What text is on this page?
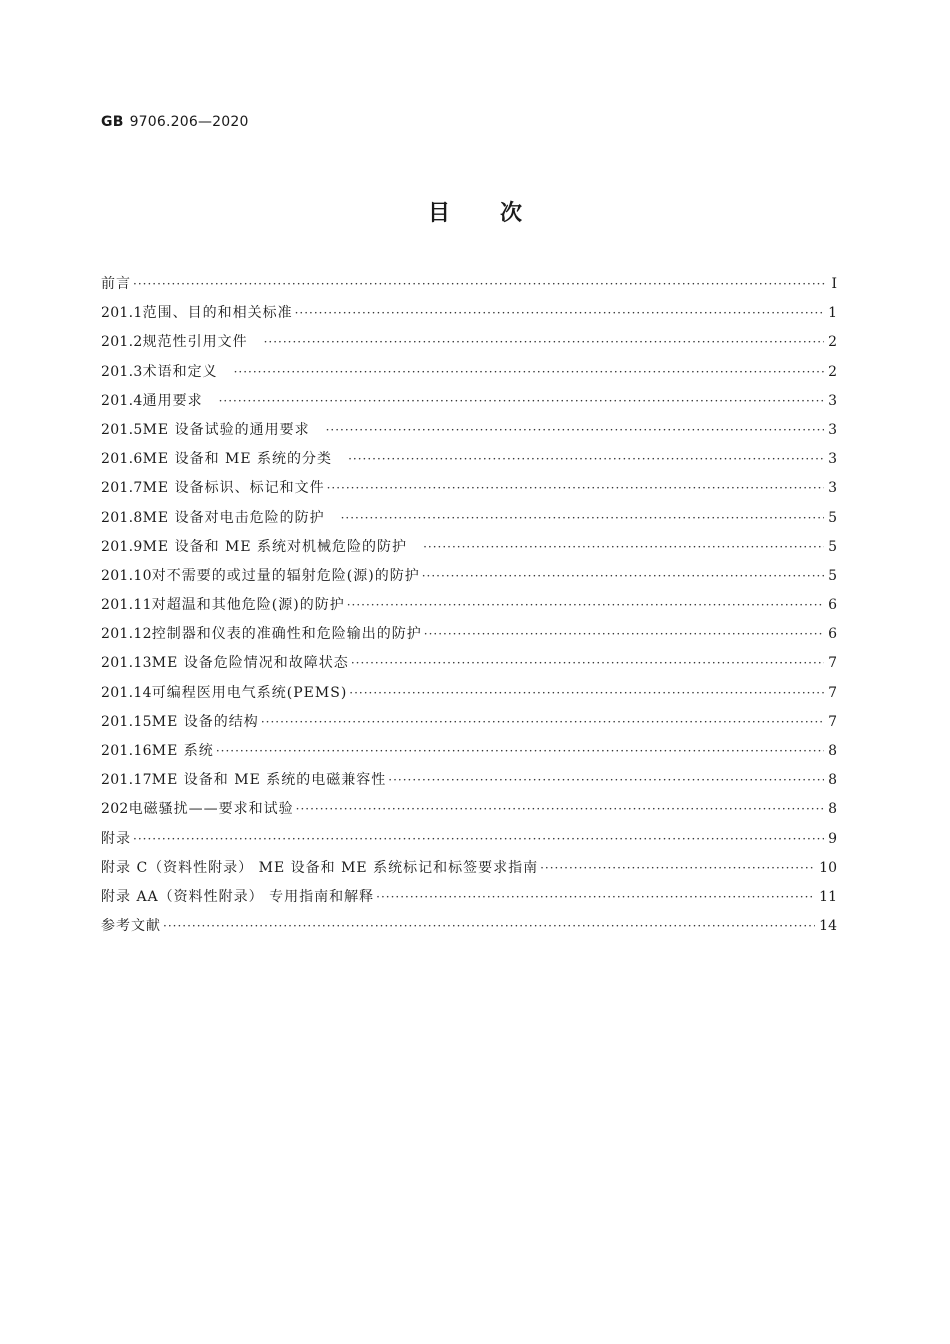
GB 9706.206—2020
目次
前言 ·····	Ⅰ
201.1 范围、目的和相关标准 ·····	1
201.2 规范性引用文件 ·····	2
201.3 术语和定义 ·····	2
201.4 通用要求 ·····	3
201.5 ME 设备试验的通用要求 ·····	3
201.6 ME 设备和 ME 系统的分类 ·····	3
201.7 ME 设备标识、标记和文件 ·····	3
201.8 ME 设备对电击危险的防护 ·····	5
201.9 ME 设备和 ME 系统对机械危险的防护 ·····	5
201.10 对不需要的或过量的辐射危险(源)的防护 ·····	5
201.11 对超温和其他危险(源)的防护 ·····	6
201.12 控制器和仪表的准确性和危险输出的防护 ·····	6
201.13 ME 设备危险情况和故障状态 ·····	7
201.14 可编程医用电气系统(PEMS) ·····	7
201.15 ME 设备的结构 ·····	7
201.16 ME 系统 ·····	8
201.17 ME 设备和 ME 系统的电磁兼容性 ·····	8
202 电磁骚扰——要求和试验 ·····	8
附录 ·····	9
附录 C（资料性附录） ME 设备和 ME 系统标记和标签要求指南 ·····	10
附录 AA（资料性附录） 专用指南和解释 ·····	11
参考文献 ·····	14
